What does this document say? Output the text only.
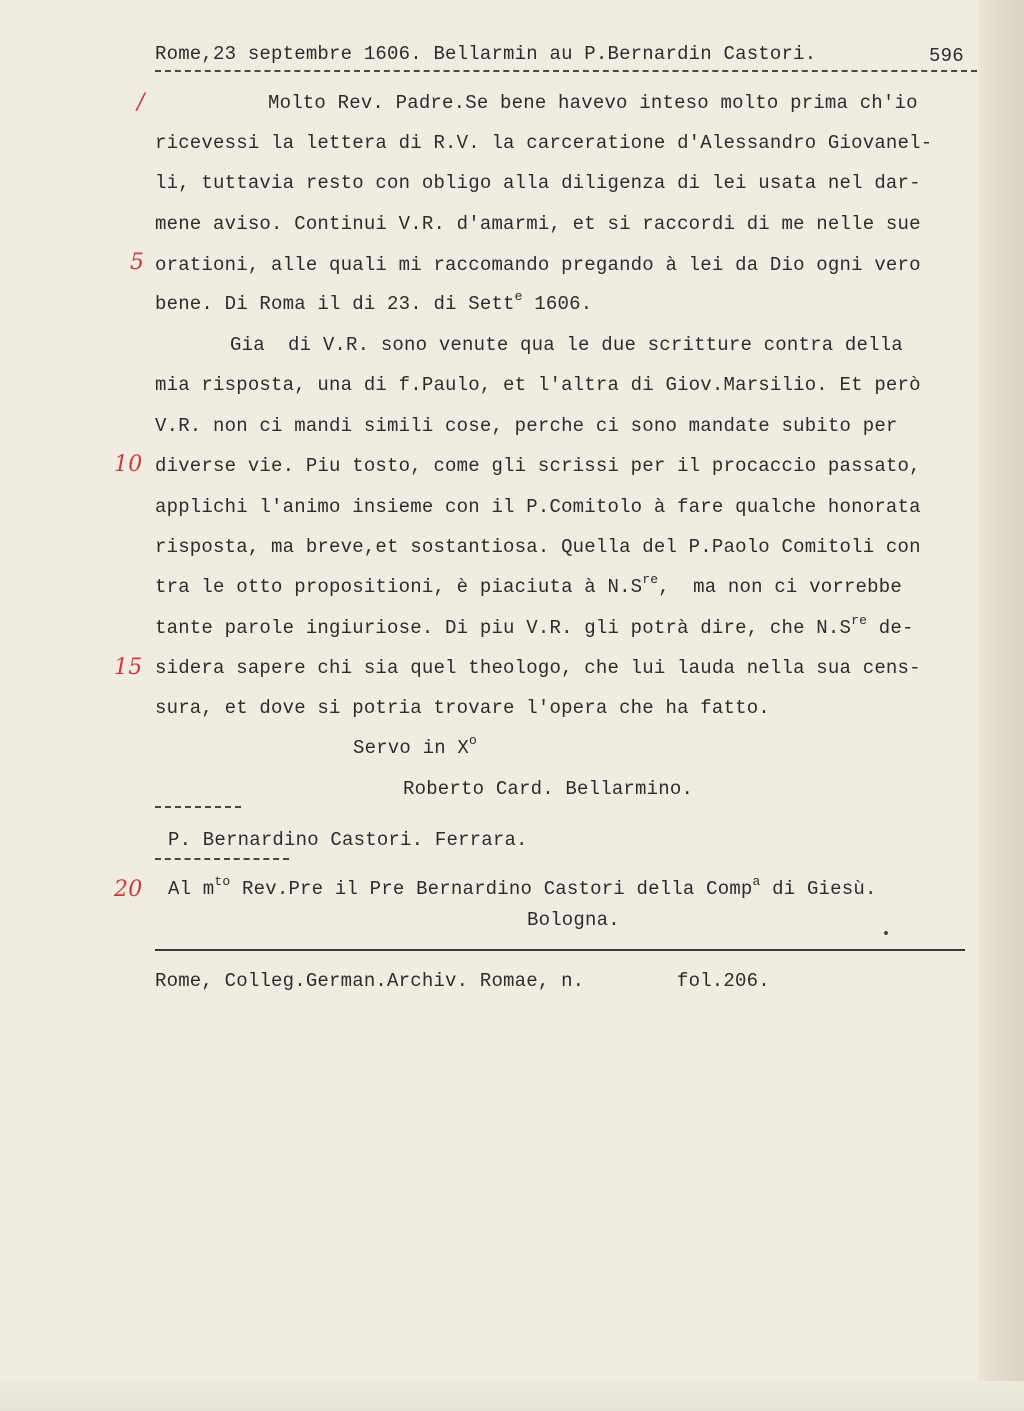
Rome,23 septembre 1606. Bellarmin au P.Bernardin Castori.	596
/
5
10
15
20
Molto Rev. Padre.Se bene havevo inteso molto prima ch'io
ricevessi la lettera di R.V. la carceratione d'Alessandro Giovanel-
li, tuttavia resto con obligo alla diligenza di lei usata nel dar-
mene aviso. Continui V.R. d'amarmi, et si raccordi di me nelle sue
orationi, alle quali mi raccomando pregando à lei da Dio ogni vero
bene. Di Roma il di 23. di Sett$^e$ 1606.
Gia  di V.R. sono venute qua le due scritture contra della
mia risposta, una di f.Paulo, et l'altra di Giov.Marsilio. Et però
V.R. non ci mandi simili cose, perche ci sono mandate subito per
diverse vie. Piu tosto, come gli scrissi per il procaccio passato,
applichi l'animo insieme con il P.Comitolo à fare qualche honorata
risposta, ma breve,et sostantiosa. Quella del P.Paolo Comitoli con
tra le otto propositioni, è piaciuta à $N.S^{re}$,  ma non ci vorrebbe
tante parole ingiuriose. Di piu V.R. gli potrà dire, che $N.S^{re}$ de-
sidera sapere chi sia quel theologo, che lui lauda nella sua cens-
sura, et dove si potria trovare l'opera che ha fatto.
Servo in $X^o$
Roberto Card. Bellarmino.
P. Bernardino Castori. Ferrara.
Al $m^{to}$ Rev.Pre il Pre Bernardino Castori della Comp$^a$ di Giesù.
Bologna.
Rome, Colleg.German.Archiv. Romae, n.	fol.206.
